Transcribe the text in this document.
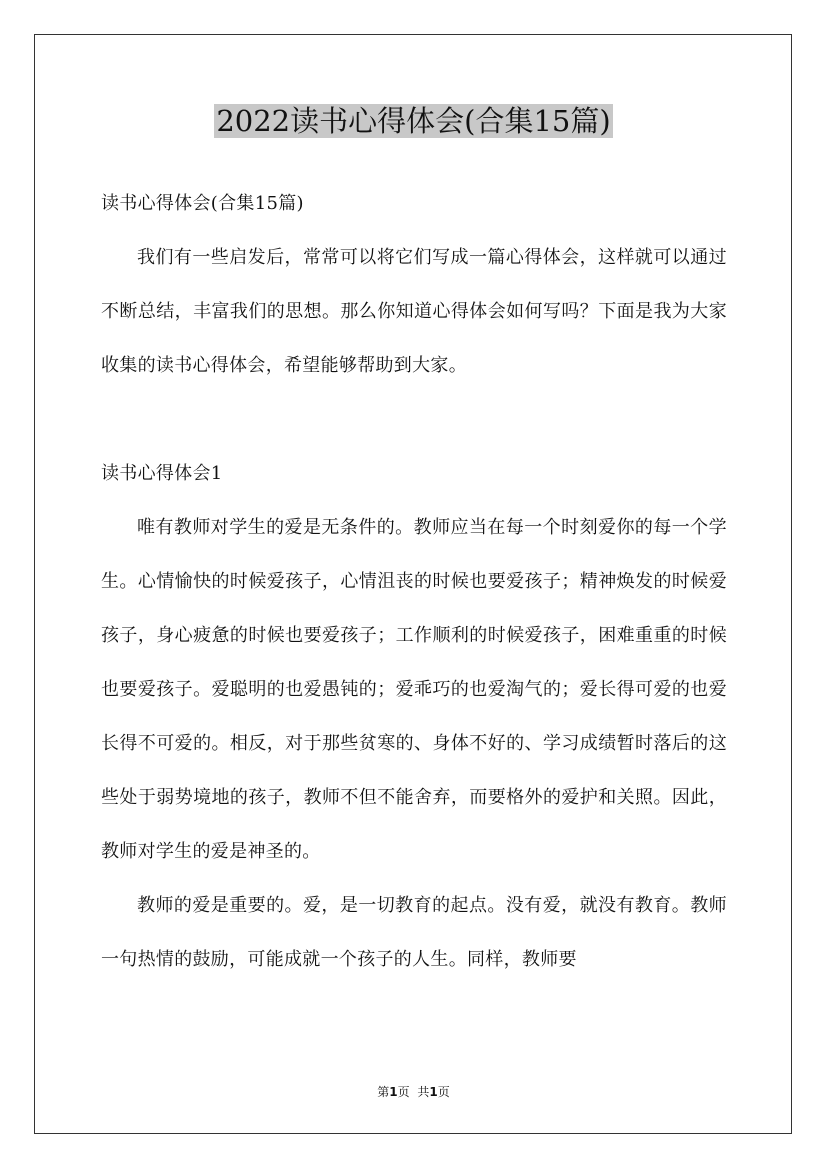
2022读书心得体会(合集15篇)

读书心得体会(合集15篇)

我们有一些启发后，常常可以将它们写成一篇心得体会，这样就可以通过不断总结，丰富我们的思想。那么你知道心得体会如何写吗？下面是我为大家收集的读书心得体会，希望能够帮助到大家。

读书心得体会1

唯有教师对学生的爱是无条件的。教师应当在每一个时刻爱你的每一个学生。心情愉快的时候爱孩子，心情沮丧的时候也要爱孩子；精神焕发的时候爱孩子，身心疲惫的时候也要爱孩子；工作顺利的时候爱孩子，困难重重的时候也要爱孩子。爱聪明的也爱愚钝的；爱乖巧的也爱淘气的；爱长得可爱的也爱长得不可爱的。相反，对于那些贫寒的、身体不好的、学习成绩暂时落后的这些处于弱势境地的孩子，教师不但不能舍弃，而要格外的爱护和关照。因此，教师对学生的爱是神圣的。

教师的爱是重要的。爱，是一切教育的起点。没有爱，就没有教育。教师一句热情的鼓励，可能成就一个孩子的人生。同样，教师要

第1页 共1页
